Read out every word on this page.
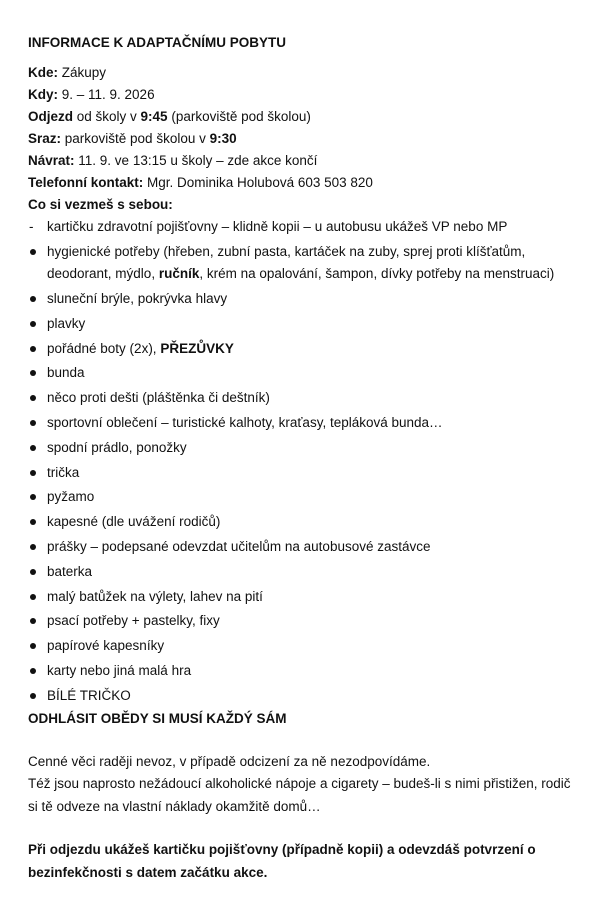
INFORMACE K ADAPTAČNÍMU POBYTU
Kde: Zákupy
Kdy: 9. – 11. 9. 2026
Odjezd od školy v 9:45 (parkoviště pod školou)
Sraz: parkoviště pod školou v 9:30
Návrat: 11. 9. ve 13:15 u školy – zde akce končí
Telefonní kontakt: Mgr. Dominika Holubová 603 503 820
Co si vezmeš s sebou:
-
kartičku zdravotní pojišťovny – klidně kopii – u autobusu ukážeš VP nebo MP
hygienické potřeby (hřeben, zubní pasta, kartáček na zuby, sprej proti klíšťatům, deodorant, mýdlo, ručník, krém na opalování, šampon, dívky potřeby na menstruaci)
sluneční brýle, pokrývka hlavy
plavky
pořádné boty (2x), PŘEZŮVKY
bunda
něco proti dešti (pláštěnka či deštník)
sportovní oblečení – turistické kalhoty, kraťasy, tepláková bunda…
spodní prádlo, ponožky
trička
pyžamo
kapesné (dle uvážení rodičů)
prášky – podepsané odevzdat učitelům na autobusové zastávce
baterka
malý batůžek na výlety, lahev na pití
psací potřeby + pastelky, fixy
papírové kapesníky
karty nebo jiná malá hra
BÍLÉ TRIČKO
ODHLÁSIT OBĚDY SI MUSÍ KAŽDÝ SÁM
Cenné věci raději nevoz, v případě odcizení za ně nezodpovídáme.
Též jsou naprosto nežádoucí alkoholické nápoje a cigarety – budeš-li s nimi přistižen, rodič si tě odveze na vlastní náklady okamžitě domů…
Při odjezdu ukážeš kartičku pojišťovny (případně kopii) a odevzdáš potvrzení o bezinfekčnosti s datem začátku akce.
